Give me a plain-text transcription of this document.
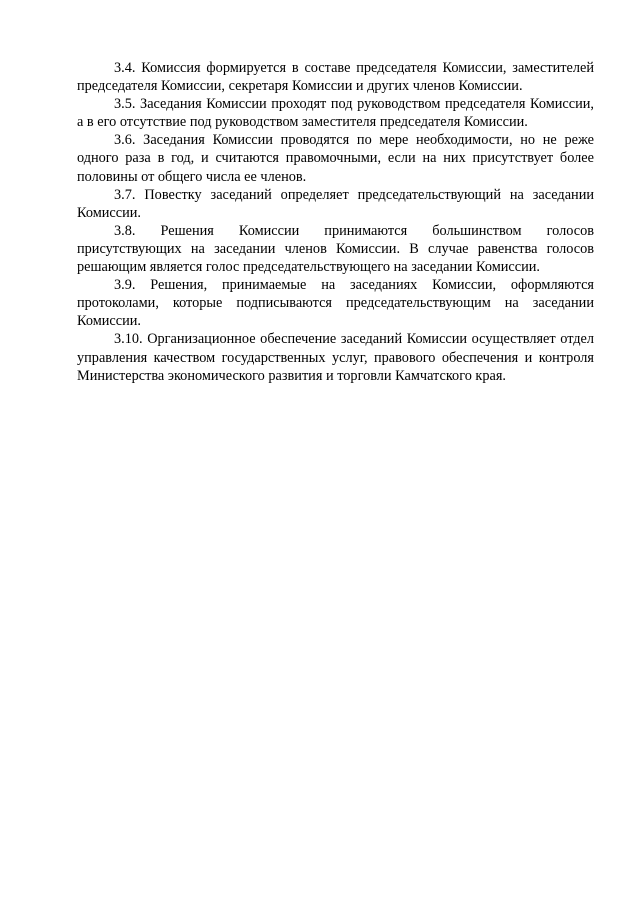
3.4. Комиссия формируется в составе председателя Комиссии, заместителей председателя Комиссии, секретаря Комиссии и других членов Комиссии.

3.5. Заседания Комиссии проходят под руководством председателя Комиссии, а в его отсутствие под руководством заместителя председателя Комиссии.

3.6. Заседания Комиссии проводятся по мере необходимости, но не реже одного раза в год, и считаются правомочными, если на них присутствует более половины от общего числа ее членов.

3.7. Повестку заседаний определяет председательствующий на заседании Комиссии.

3.8. Решения Комиссии принимаются большинством голосов присутствующих на заседании членов Комиссии. В случае равенства голосов решающим является голос председательствующего на заседании Комиссии.

3.9. Решения, принимаемые на заседаниях Комиссии, оформляются протоколами, которые подписываются председательствующим на заседании Комиссии.

3.10. Организационное обеспечение заседаний Комиссии осуществляет отдел управления качеством государственных услуг, правового обеспечения и контроля Министерства экономического развития и торговли Камчатского края.
